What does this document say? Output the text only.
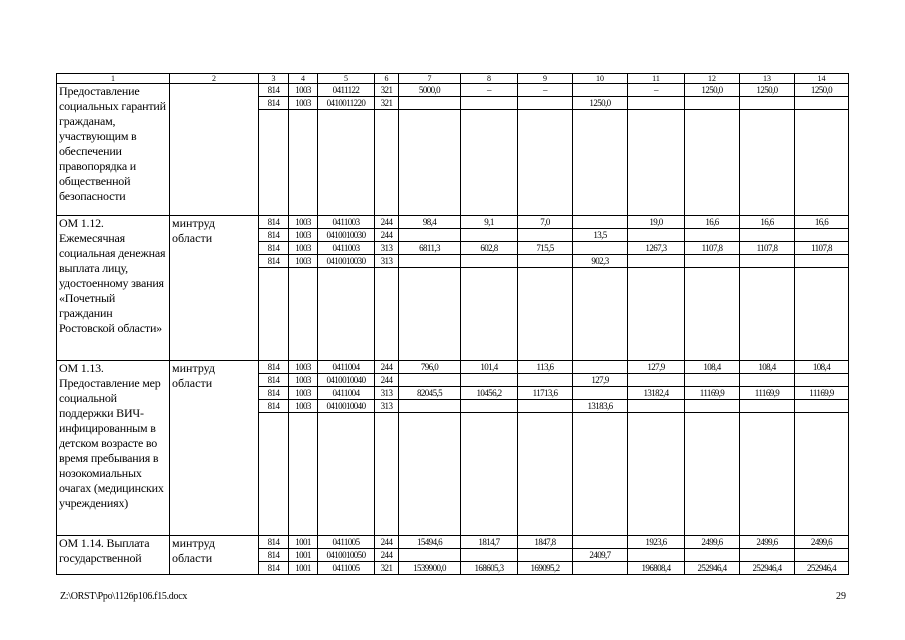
1	2	3	4	5	6	7	8	9	10	11	12	13	14
Предоставление социальных гарантий гражданам, участвующим в обеспечении правопорядка и общественной безопасности		814	1003	0411122	321	5000,0	–	–		–	1250,0	1250,0	1250,0
		814	1003	0410011220	321				1250,0				

ОМ 1.12. Ежемесячная социальная денежная выплата лицу, удостоенному звания «Почетный гражданин Ростовской области»	минтруд области	814	1003	0411003	244	98,4	9,1	7,0		19,0	16,6	16,6	16,6
		814	1003	0410010030	244				13,5				
		814	1003	0411003	313	6811,3	602,8	715,5		1267,3	1107,8	1107,8	1107,8
		814	1003	0410010030	313				902,3				

ОМ 1.13. Предоставление мер социальной поддержки ВИЧ-инфицированным в детском возрасте во время пребывания в нозокомиальных очагах (медицинских учреждениях)	минтруд области	814	1003	0411004	244	796,0	101,4	113,6		127,9	108,4	108,4	108,4
		814	1003	0410010040	244				127,9				
		814	1003	0411004	313	82045,5	10456,2	11713,6		13182,4	11169,9	11169,9	11169,9
		814	1003	0410010040	313				13183,6				

ОМ 1.14. Выплата государственной	минтруд области	814	1001	0411005	244	15494,6	1814,7	1847,8		1923,6	2499,6	2499,6	2499,6
		814	1001	0410010050	244				2409,7				
		814	1001	0411005	321	1539900,0	168605,3	169095,2		196808,4	252946,4	252946,4	252946,4
Z:\ORST\Ppo\1126p106.f15.docx	29
